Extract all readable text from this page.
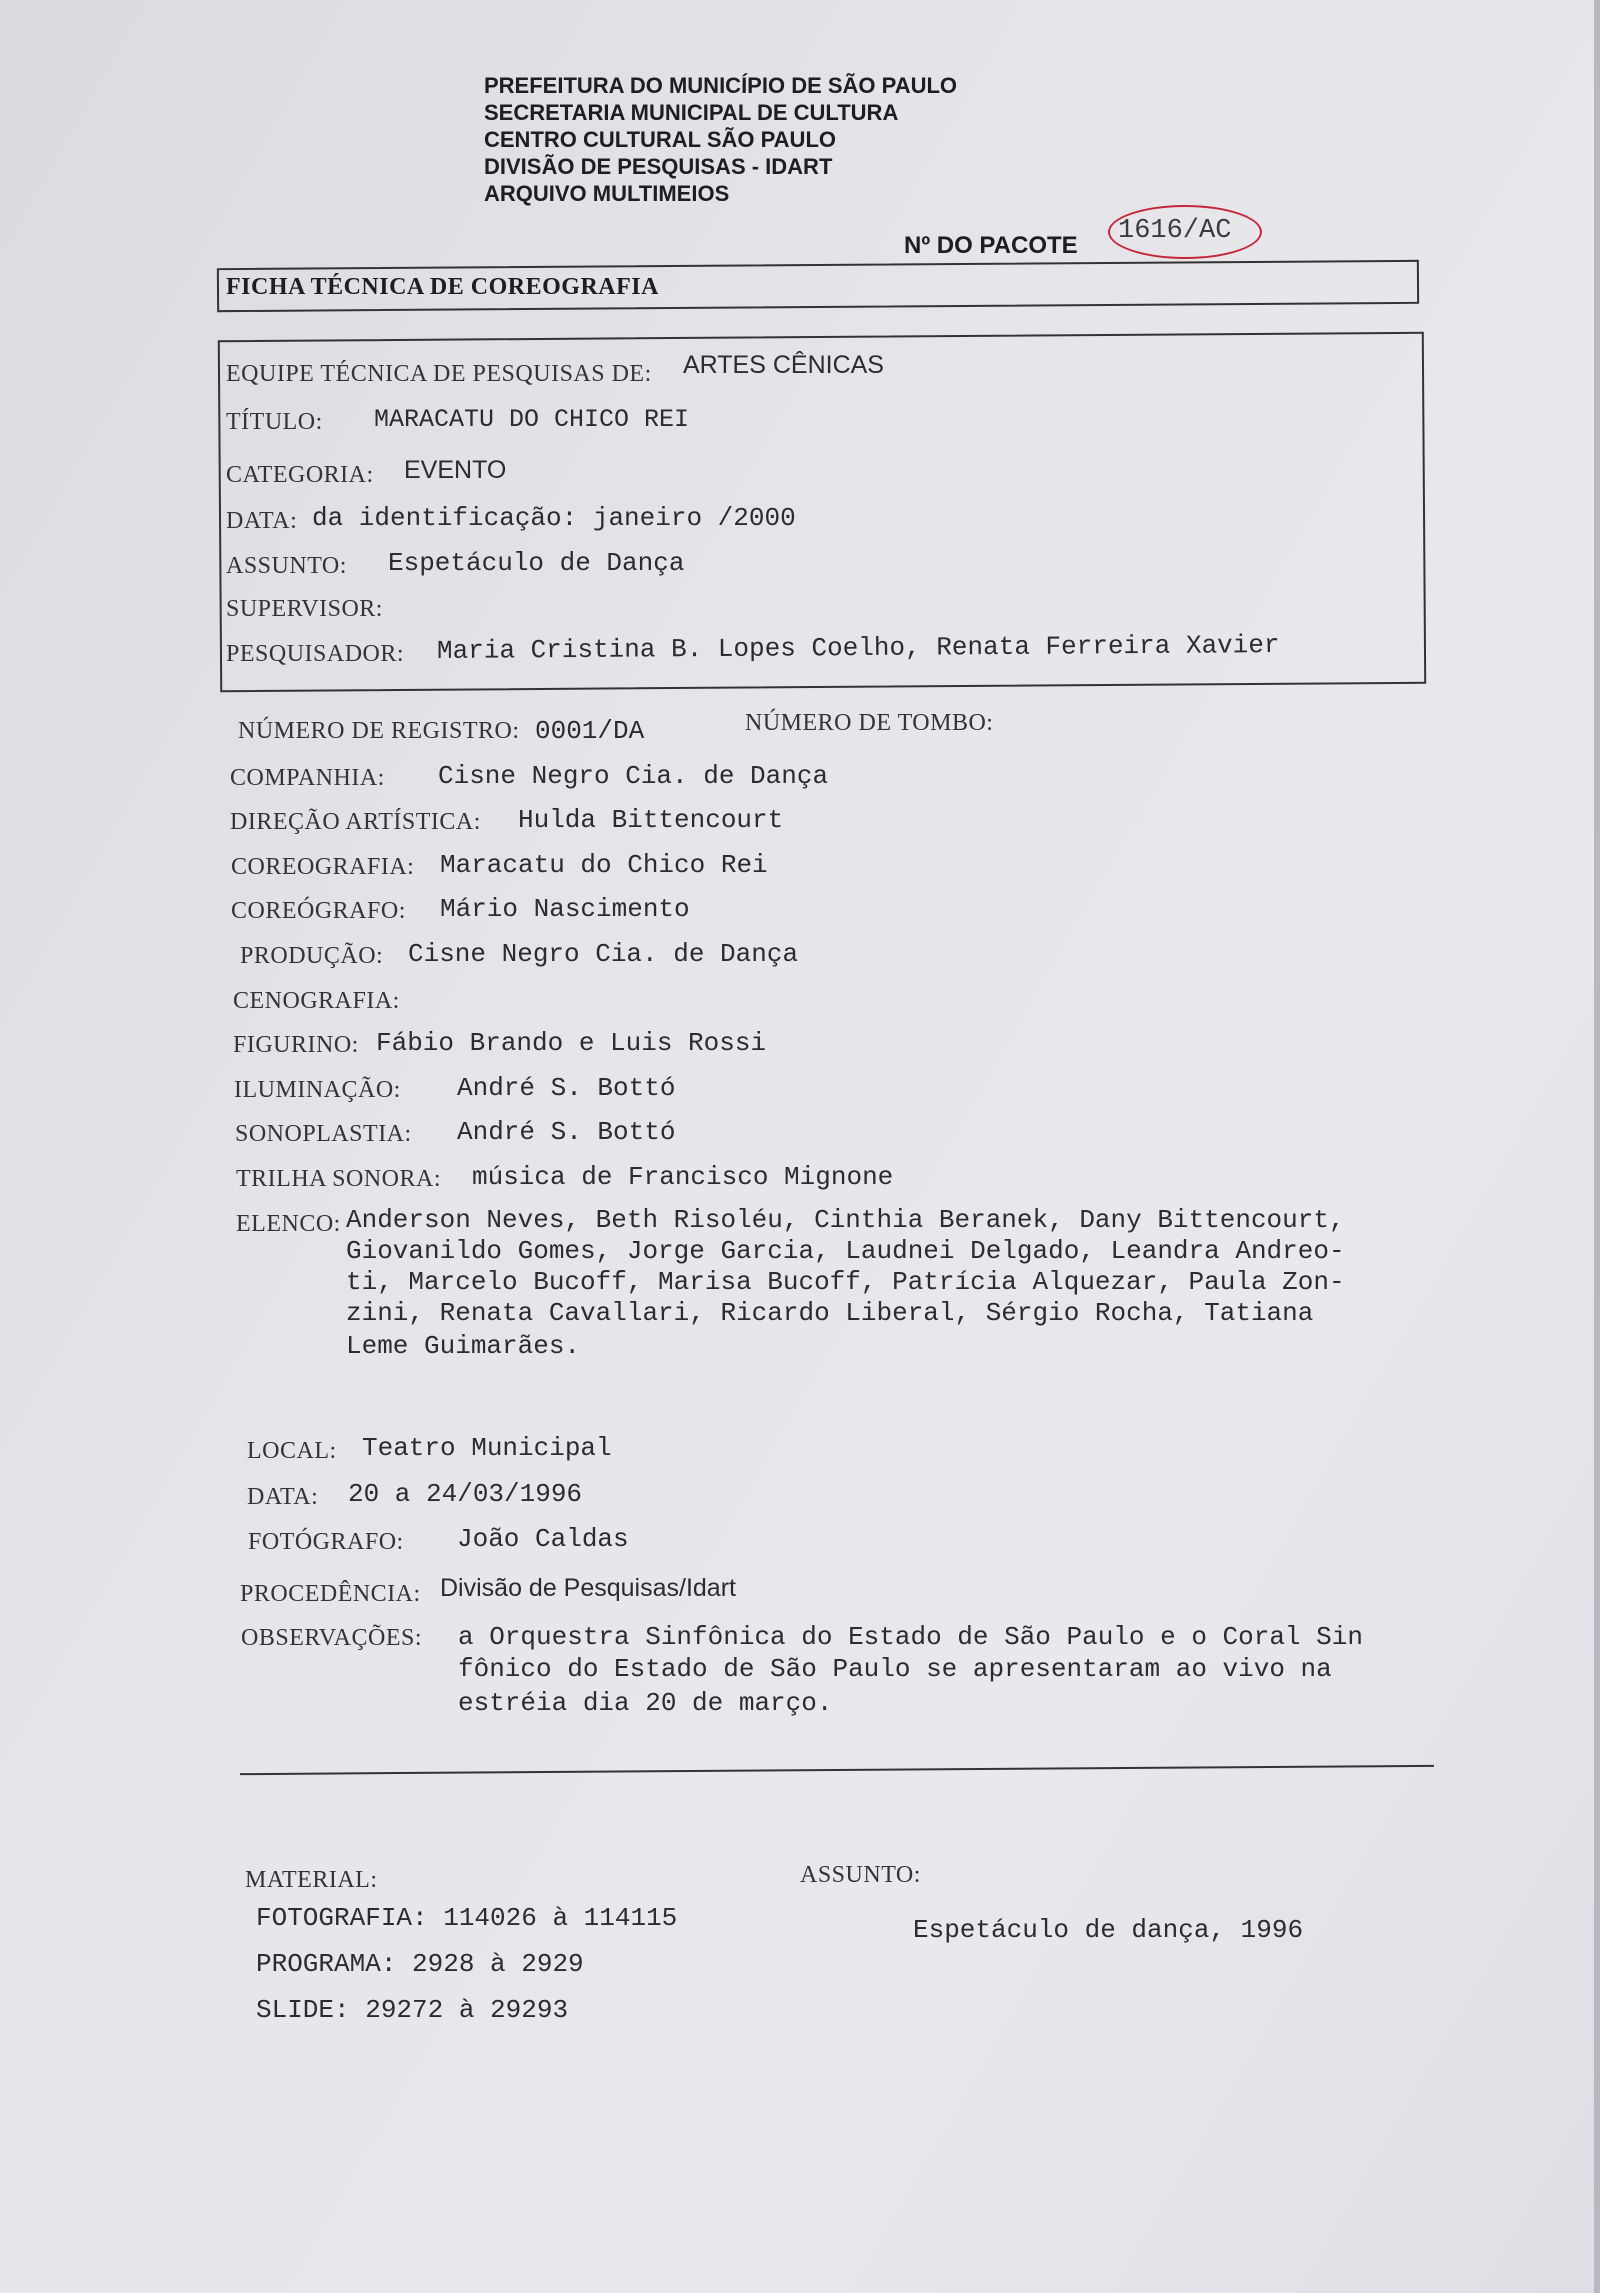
PREFEITURA DO MUNICÍPIO DE SÃO PAULO
SECRETARIA MUNICIPAL DE CULTURA
CENTRO CULTURAL SÃO PAULO
DIVISÃO DE PESQUISAS - IDART
ARQUIVO MULTIMEIOS
Nº DO PACOTE 1616/AC
FICHA TÉCNICA DE COREOGRAFIA
EQUIPE TÉCNICA DE PESQUISAS DE: ARTES CÊNICAS
TÍTULO: MARACATU DO CHICO REI
CATEGORIA: EVENTO
DATA: da identificação: janeiro /2000
ASSUNTO: Espetáculo de Dança
SUPERVISOR:
PESQUISADOR: Maria Cristina B. Lopes Coelho, Renata Ferreira Xavier
NÚMERO DE REGISTRO: 0001/DA	NÚMERO DE TOMBO:
COMPANHIA: Cisne Negro Cia. de Dança
DIREÇÃO ARTÍSTICA: Hulda Bittencourt
COREOGRAFIA: Maracatu do Chico Rei
COREÓGRAFO: Mário Nascimento
PRODUÇÃO: Cisne Negro Cia. de Dança
CENOGRAFIA:
FIGURINO: Fábio Brando e Luis Rossi
ILUMINAÇÃO: André S. Bottó
SONOPLASTIA: André S. Bottó
TRILHA SONORA: música de Francisco Mignone
ELENCO: Anderson Neves, Beth Risoléu, Cinthia Beranek, Dany Bittencourt,
Giovanildo Gomes, Jorge Garcia, Laudnei Delgado, Leandra Andreo-
ti, Marcelo Bucoff, Marisa Bucoff, Patrícia Alquezar, Paula Zon-
zini, Renata Cavallari, Ricardo Liberal, Sérgio Rocha, Tatiana
Leme Guimarães.
LOCAL: Teatro Municipal
DATA: 20 a 24/03/1996
FOTÓGRAFO: João Caldas
PROCEDÊNCIA: Divisão de Pesquisas/Idart
OBSERVAÇÕES: a Orquestra Sinfônica do Estado de São Paulo e o Coral Sin
fônico do Estado de São Paulo se apresentaram ao vivo na
estréia dia 20 de março.
MATERIAL:
FOTOGRAFIA: 114026 à 114115
PROGRAMA: 2928 à 2929
SLIDE: 29272 à 29293
ASSUNTO:
Espetáculo de dança, 1996
